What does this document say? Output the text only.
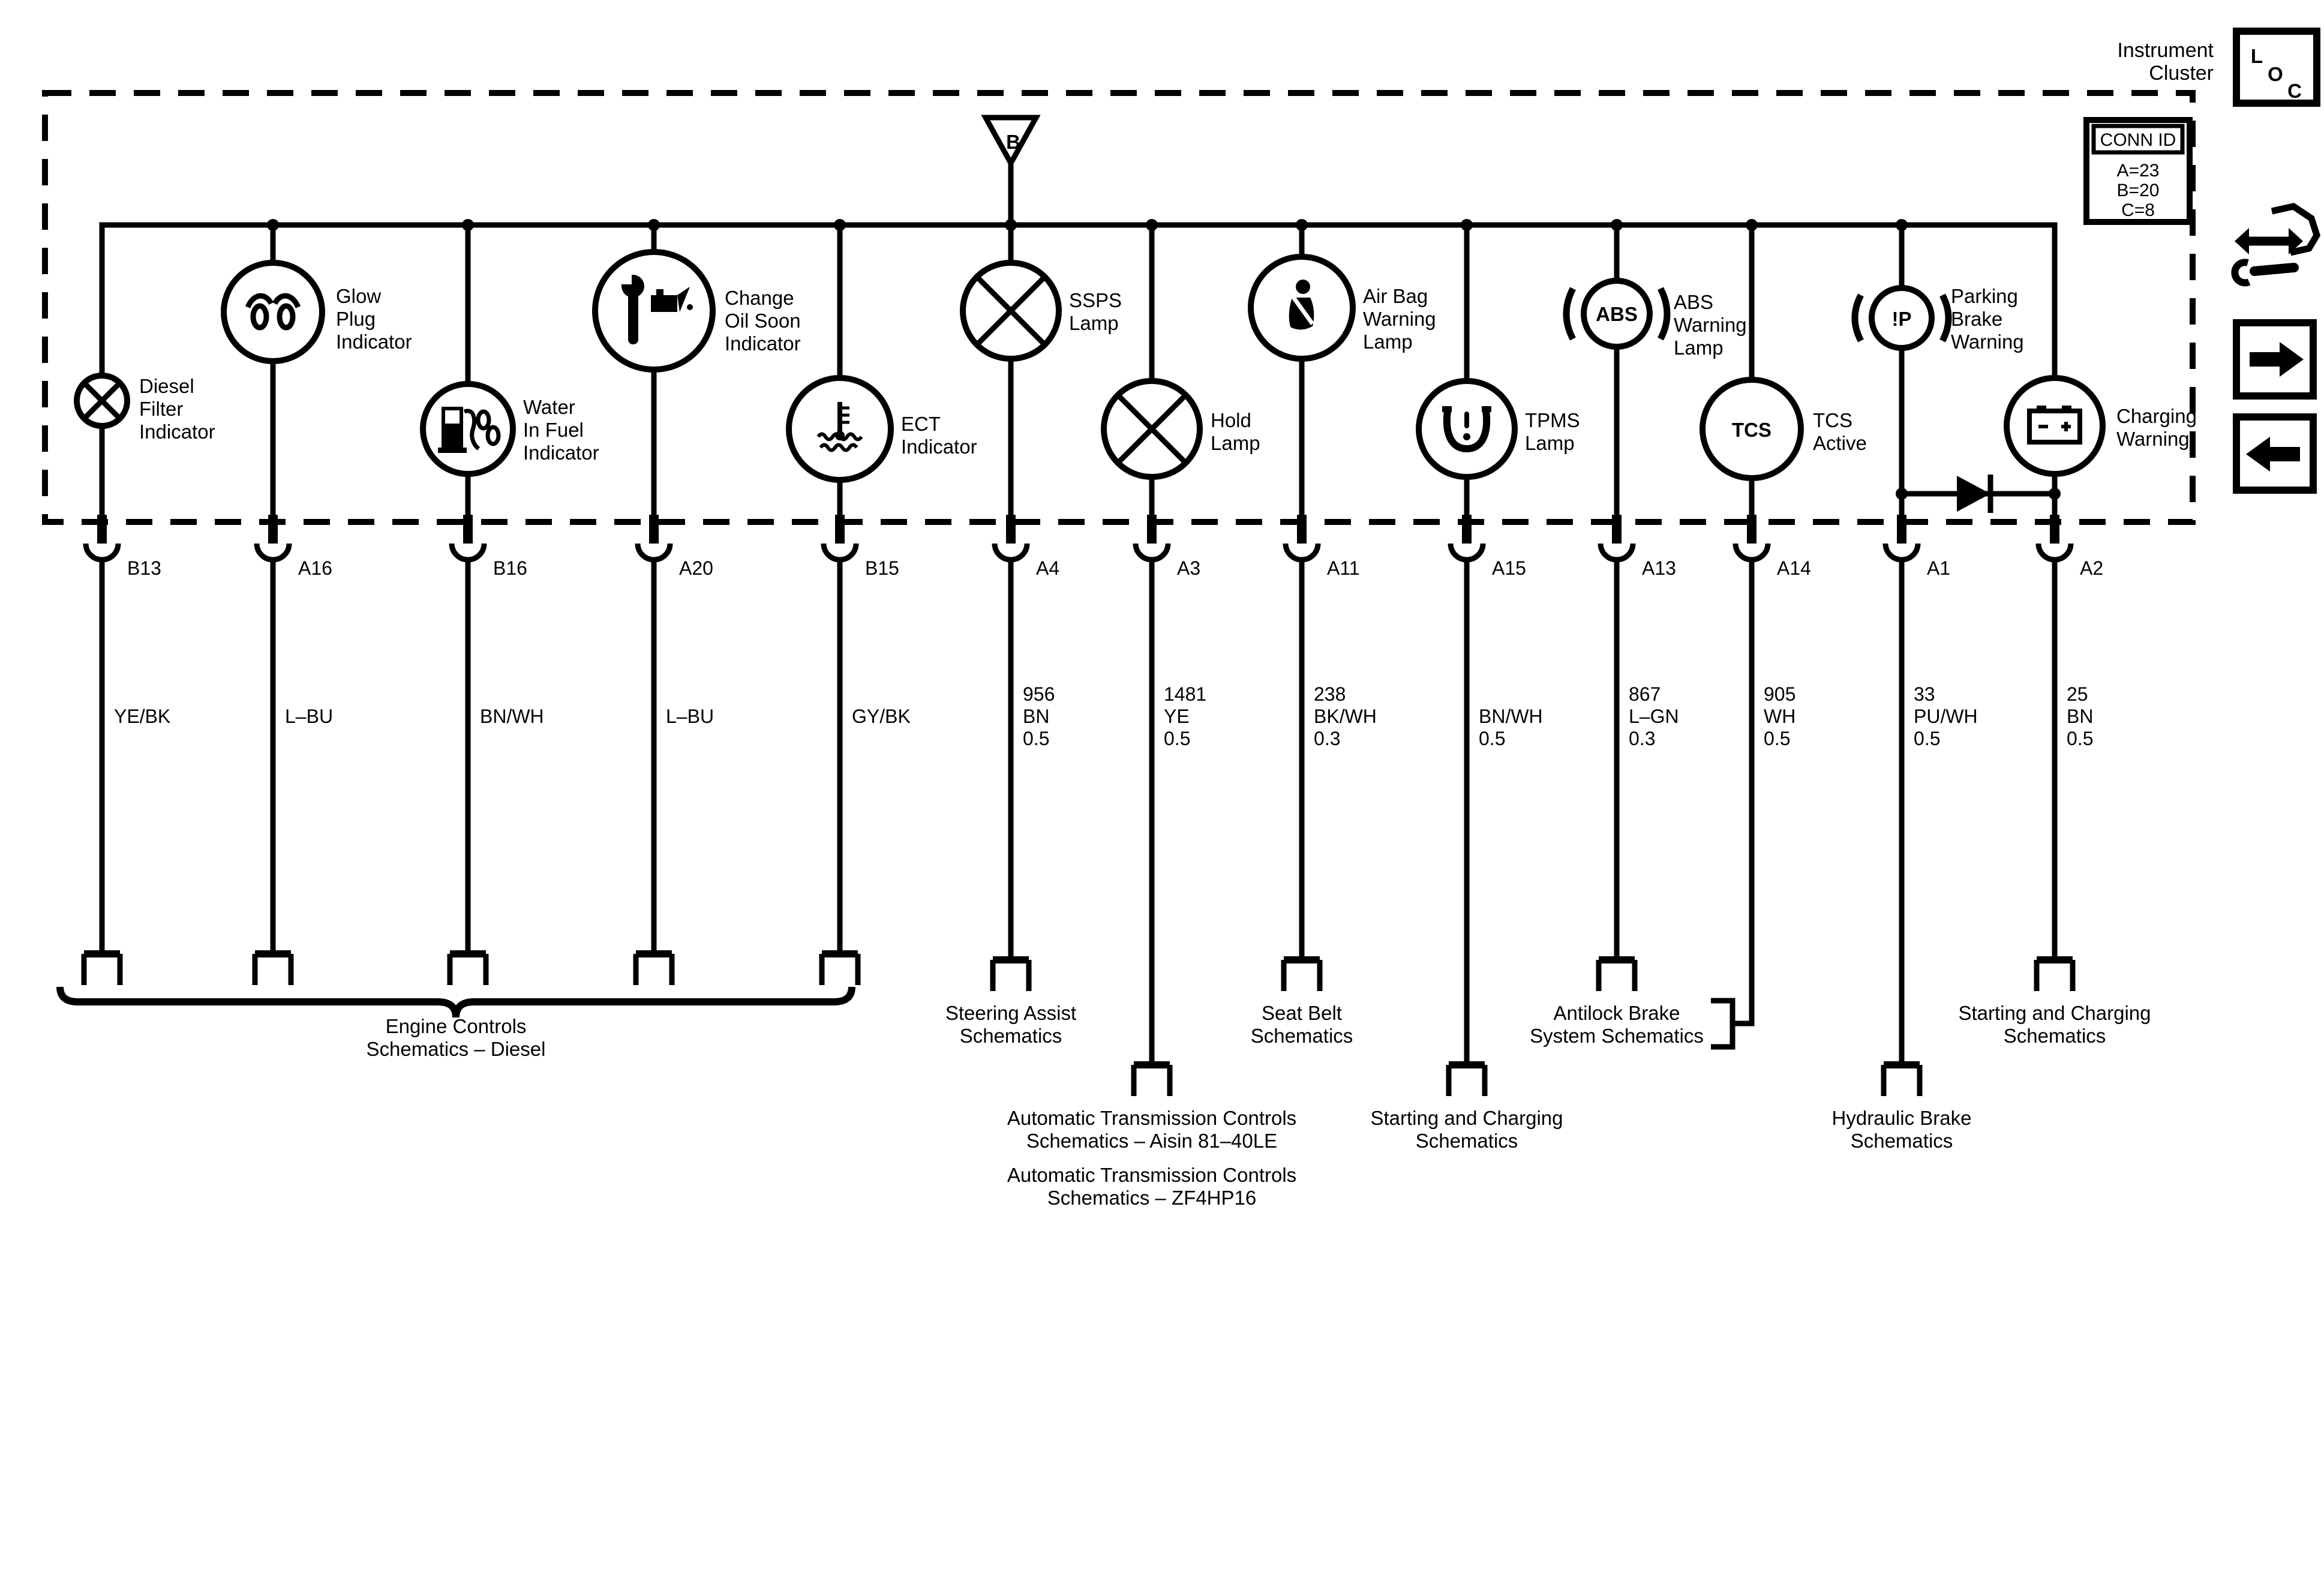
Instrument
Cluster
L
O
C
CONN ID
A=23
B=20
C=8
B
Diesel
Filter
Indicator
Glow
Plug
Indicator
Water
In Fuel
Indicator
Change
Oil Soon
Indicator
ECT
Indicator
SSPS
Lamp
Hold
Lamp
Air Bag
Warning
Lamp
TPMS
Lamp
ABS
ABS
Warning
Lamp
TCS TCS
Active
!P
Parking
Brake
Warning
Charging
Warning
B13	A16	B16	A20	B15	A4	A3	A11	A15	A13	A14	A1	A2
YE/BK	L–BU	BN/WH	L–BU	GY/BK
956
BN
0.5
1481
YE
0.5
238
BK/WH
0.3
BN/WH
0.5
867
L–GN
0.3
905
WH
0.5
33
PU/WH
0.5
25
BN
0.5
Engine Controls
Schematics – Diesel
Steering Assist
Schematics
Automatic Transmission Controls
Schematics – Aisin 81–40LE
Automatic Transmission Controls
Schematics – ZF4HP16
Seat Belt
Schematics
Starting and Charging
Schematics
Antilock Brake
System Schematics
Hydraulic Brake
Schematics
Starting and Charging
Schematics
